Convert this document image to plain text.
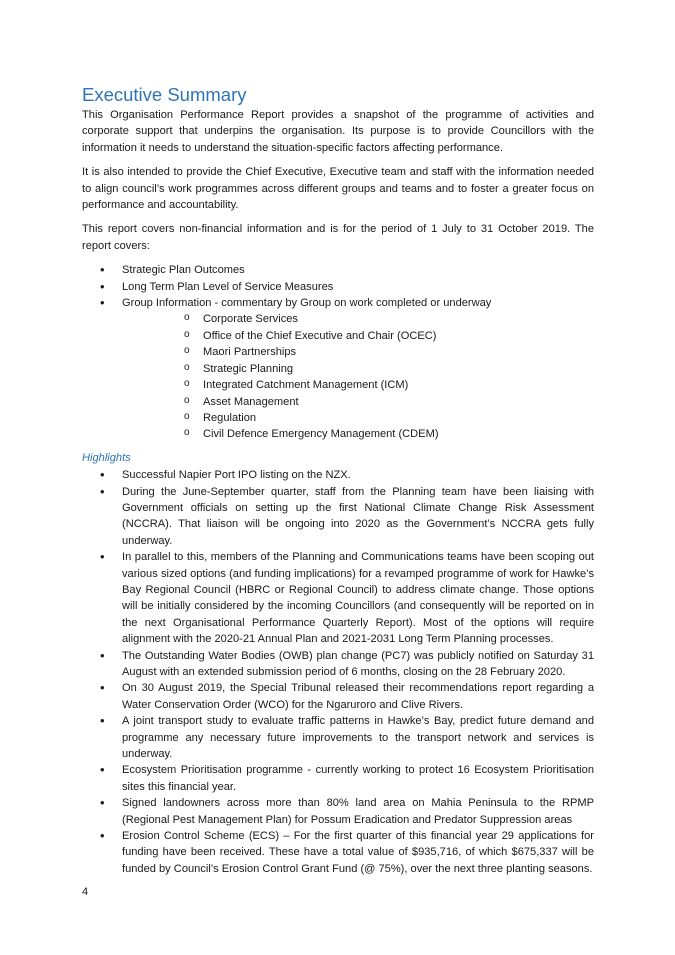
Executive Summary

This Organisation Performance Report provides a snapshot of the programme of activities and corporate support that underpins the organisation. Its purpose is to provide Councillors with the information it needs to understand the situation-specific factors affecting performance.

It is also intended to provide the Chief Executive, Executive team and staff with the information needed to align council’s work programmes across different groups and teams and to foster a greater focus on performance and accountability.

This report covers non-financial information and is for the period of 1 July to 31 October 2019. The report covers:

• Strategic Plan Outcomes
• Long Term Plan Level of Service Measures
• Group Information - commentary by Group on work completed or underway
o Corporate Services
o Office of the Chief Executive and Chair (OCEC)
o Maori Partnerships
o Strategic Planning
o Integrated Catchment Management (ICM)
o Asset Management
o Regulation
o Civil Defence Emergency Management (CDEM)
Highlights
• Successful Napier Port IPO listing on the NZX.
• During the June-September quarter, staff from the Planning team have been liaising with Government officials on setting up the first National Climate Change Risk Assessment (NCCRA). That liaison will be ongoing into 2020 as the Government’s NCCRA gets fully underway.
• In parallel to this, members of the Planning and Communications teams have been scoping out various sized options (and funding implications) for a revamped programme of work for Hawke’s Bay Regional Council (HBRC or Regional Council) to address climate change. Those options will be initially considered by the incoming Councillors (and consequently will be reported on in the next Organisational Performance Quarterly Report). Most of the options will require alignment with the 2020-21 Annual Plan and 2021-2031 Long Term Planning processes.
• The Outstanding Water Bodies (OWB) plan change (PC7) was publicly notified on Saturday 31 August with an extended submission period of 6 months, closing on the 28 February 2020.
• On 30 August 2019, the Special Tribunal released their recommendations report regarding a Water Conservation Order (WCO) for the Ngaruroro and Clive Rivers.
• A joint transport study to evaluate traffic patterns in Hawke’s Bay, predict future demand and programme any necessary future improvements to the transport network and services is underway.
• Ecosystem Prioritisation programme - currently working to protect 16 Ecosystem Prioritisation sites this financial year.
• Signed landowners across more than 80% land area on Mahia Peninsula to the RPMP (Regional Pest Management Plan) for Possum Eradication and Predator Suppression areas
• Erosion Control Scheme (ECS) – For the first quarter of this financial year 29 applications for funding have been received. These have a total value of $935,716, of which $675,337 will be funded by Council’s Erosion Control Grant Fund (@ 75%), over the next three planting seasons.
4
